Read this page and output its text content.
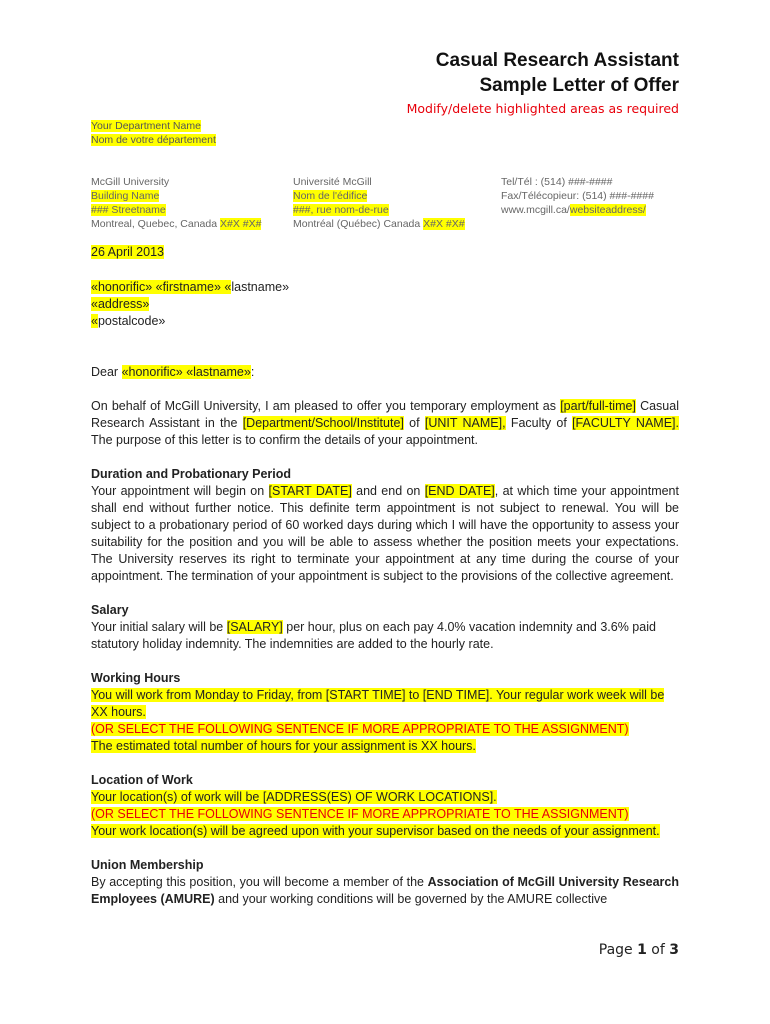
Casual Research Assistant
Sample Letter of Offer
Modify/delete highlighted areas as required
Your Department Name
Nom de votre département
McGill University
Building Name
### Streetname
Montreal, Quebec, Canada X#X #X#
Université McGill
Nom de l'édifice
###, rue nom-de-rue
Montréal (Québec) Canada X#X #X#
Tel/Tél : (514) ###-####
Fax/Télécopieur: (514) ###-####
www.mcgill.ca/websiteaddress/
26 April 2013
«honorific» «firstname» «lastname»
«address»
«postalcode»
Dear «honorific» «lastname»:

On behalf of McGill University, I am pleased to offer you temporary employment as [part/full-time] Casual Research Assistant in the [Department/School/Institute] of [UNIT NAME], Faculty of [FACULTY NAME]. The purpose of this letter is to confirm the details of your appointment.

Duration and Probationary Period

Your appointment will begin on [START DATE] and end on [END DATE], at which time your appointment shall end without further notice. This definite term appointment is not subject to renewal. You will be subject to a probationary period of 60 worked days during which I will have the opportunity to assess your suitability for the position and you will be able to assess whether the position meets your expectations. The University reserves its right to terminate your appointment at any time during the course of your appointment. The termination of your appointment is subject to the provisions of the collective agreement.

Salary

Your initial salary will be [SALARY] per hour, plus on each pay 4.0% vacation indemnity and 3.6% paid statutory holiday indemnity. The indemnities are added to the hourly rate.

Working Hours

You will work from Monday to Friday, from [START TIME] to [END TIME]. Your regular work week will be XX hours.
(OR SELECT THE FOLLOWING SENTENCE IF MORE APPROPRIATE TO THE ASSIGNMENT)
The estimated total number of hours for your assignment is XX hours.

Location of Work

Your location(s) of work will be [ADDRESS(ES) OF WORK LOCATIONS].
(OR SELECT THE FOLLOWING SENTENCE IF MORE APPROPRIATE TO THE ASSIGNMENT)
Your work location(s) will be agreed upon with your supervisor based on the needs of your assignment.

Union Membership

By accepting this position, you will become a member of the Association of McGill University Research Employees (AMURE) and your working conditions will be governed by the AMURE collective

Page 1 of 3
